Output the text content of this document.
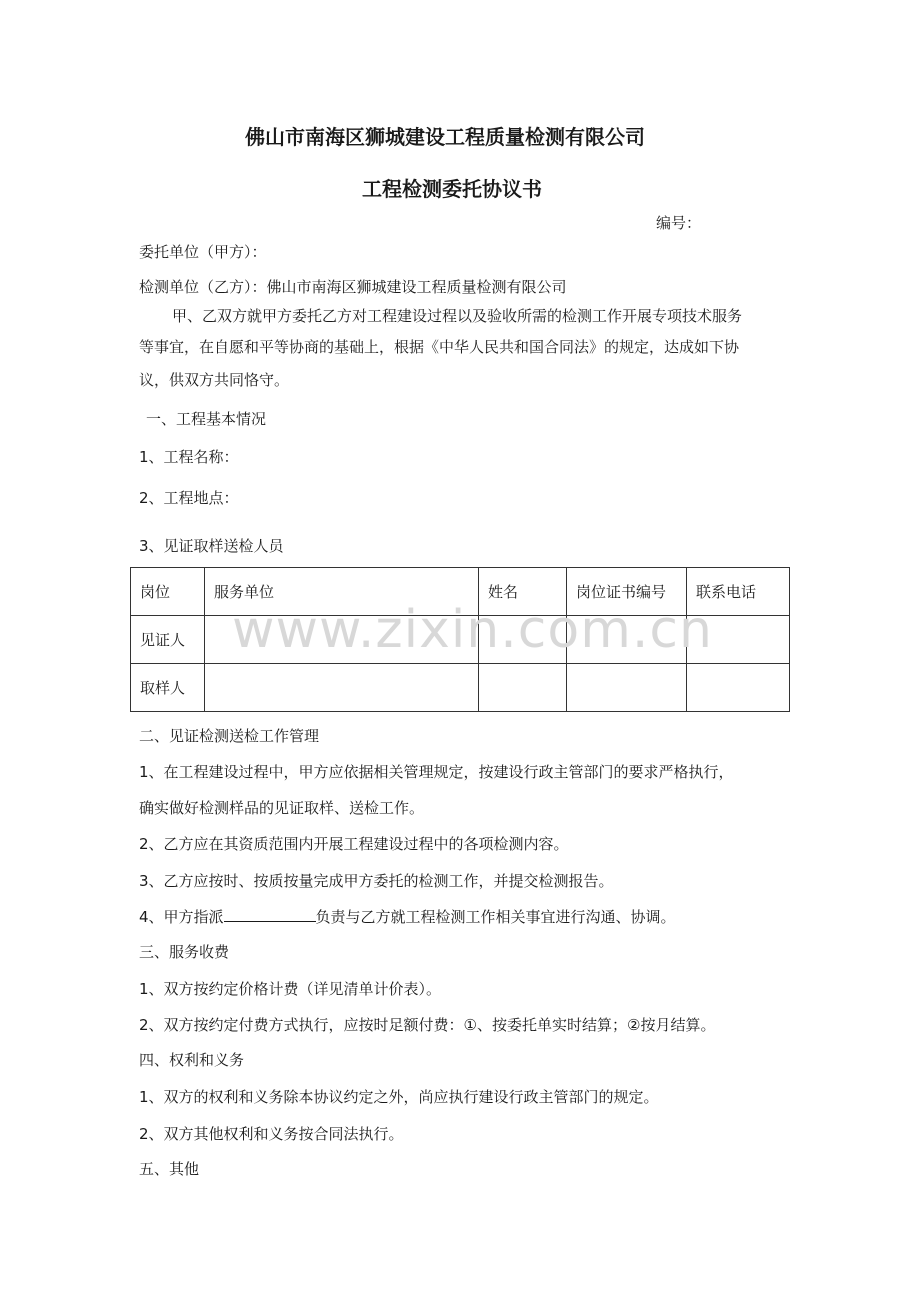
佛山市南海区狮城建设工程质量检测有限公司
工程检测委托协议书
编号：
委托单位（甲方）：
检测单位（乙方）：佛山市南海区狮城建设工程质量检测有限公司
甲、乙双方就甲方委托乙方对工程建设过程以及验收所需的检测工作开展专项技术服务
等事宜，在自愿和平等协商的基础上，根据《中华人民共和国合同法》的规定，达成如下协
议，供双方共同恪守。
一、工程基本情况
1、工程名称：
2、工程地点：
3、见证取样送检人员
岗位	服务单位	姓名	岗位证书编号	联系电话
见证人				
取样人				
www.zixin.com.cn
二、见证检测送检工作管理
1、在工程建设过程中，甲方应依据相关管理规定，按建设行政主管部门的要求严格执行，
确实做好检测样品的见证取样、送检工作。
2、乙方应在其资质范围内开展工程建设过程中的各项检测内容。
3、乙方应按时、按质按量完成甲方委托的检测工作，并提交检测报告。
4、甲方指派	负责与乙方就工程检测工作相关事宜进行沟通、协调。
三、服务收费
1、双方按约定价格计费（详见清单计价表）。
2、双方按约定付费方式执行，应按时足额付费：①、按委托单实时结算；②按月结算。
四、权利和义务
1、双方的权利和义务除本协议约定之外，尚应执行建设行政主管部门的规定。
2、双方其他权利和义务按合同法执行。
五、其他
